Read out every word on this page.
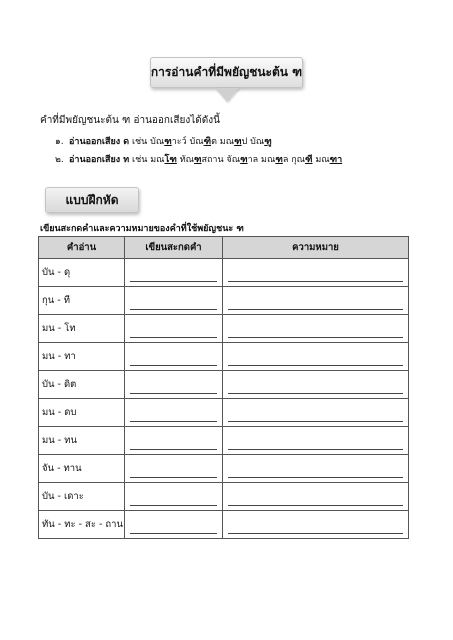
การอ่านคำที่มีพยัญชนะต้น ฑ
คำที่มีพยัญชนะต้น ฑ อ่านออกเสียงได้ดังนี้
๑. อ่านออกเสียง ด เช่น บัณฑาะว์ บัณฑิต มณฑป บัณฑู
๒. อ่านออกเสียง ท เช่น มณโฑ ทัณฑสถาน จัณฑาล มณฑล กุณฑี มณฑา
แบบฝึกหัด
เขียนสะกดคำและความหมายของคำที่ใช้พยัญชนะ ฑ
คำอ่าน	เขียนสะกดคำ	ความหมาย
บัน - ดุ	

กุน - ที	

มน - โท	

มน - ทา	

บัน - ดิต	

มน - ดบ	

มน - ทน	

จัน - ทาน	

บัน - เดาะ	

ทัน - ทะ - สะ - ถาน	
